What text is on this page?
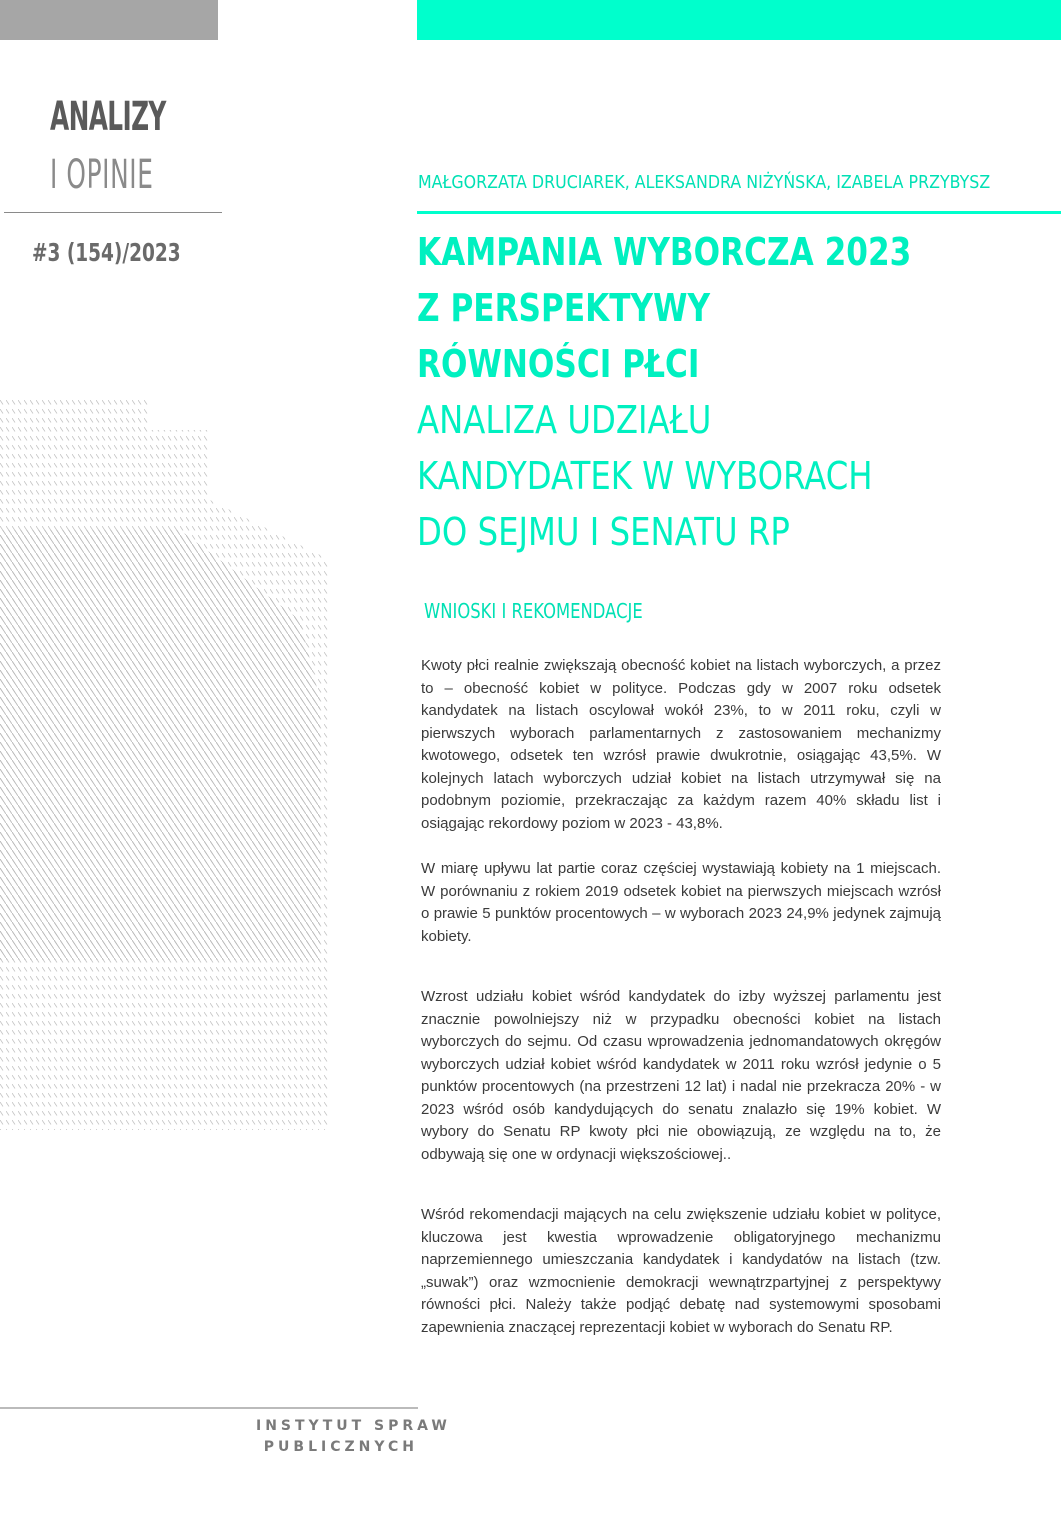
ANALIZY
I OPINIE
#3 (154)/2023
MAŁGORZATA DRUCIAREK, ALEKSANDRA NIŻYŃSKA, IZABELA PRZYBYSZ
KAMPANIA WYBORCZA 2023
Z PERSPEKTYWY
RÓWNOŚCI PŁCI
ANALIZA UDZIAŁU
KANDYDATEK W WYBORACH
DO SEJMU I SENATU RP
WNIOSKI I REKOMENDACJE

Kwoty płci realnie zwiększają obecność kobiet na listach wyborczych, a przez to – obecność kobiet w polityce. Podczas gdy w 2007 roku odsetek kandydatek na listach oscylował wokół 23%, to w 2011 roku, czyli w pierwszych wyborach parlamentarnych z zastosowaniem mechanizmy kwotowego, odsetek ten wzrósł prawie dwukrotnie, osiągając 43,5%. W kolejnych latach wyborczych udział kobiet na listach utrzymywał się na podobnym poziomie, przekraczając za każdym razem 40% składu list i osiągając rekordowy poziom w 2023 - 43,8%.

W miarę upływu lat partie coraz częściej wystawiają kobiety na 1 miejscach. W porównaniu z rokiem 2019 odsetek kobiet na pierwszych miejscach wzrósł o prawie 5 punktów procentowych – w wyborach 2023 24,9% jedynek zajmują kobiety.

Wzrost udziału kobiet wśród kandydatek do izby wyższej parlamentu jest znacznie powolniejszy niż w przypadku obecności kobiet na listach wyborczych do sejmu. Od czasu wprowadzenia jednomandatowych okręgów wyborczych udział kobiet wśród kandydatek w 2011 roku wzrósł jedynie o 5 punktów procentowych (na przestrzeni 12 lat) i nadal nie przekracza 20% - w 2023 wśród osób kandydujących do senatu znalazło się 19% kobiet. W wybory do Senatu RP kwoty płci nie obowiązują, ze względu na to, że odbywają się one w ordynacji większościowej..

Wśród rekomendacji mających na celu zwiększenie udziału kobiet w polityce, kluczowa jest kwestia wprowadzenie obligatoryjnego mechanizmu naprzemiennego umieszczania kandydatek i kandydatów na listach (tzw. „suwak”) oraz wzmocnienie demokracji wewnątrzpartyjnej z perspektywy równości płci. Należy także podjąć debatę nad systemowymi sposobami zapewnienia znaczącej reprezentacji kobiet w wyborach do Senatu RP.

INSTYTUT SPRAW
PUBLICZNYCH
